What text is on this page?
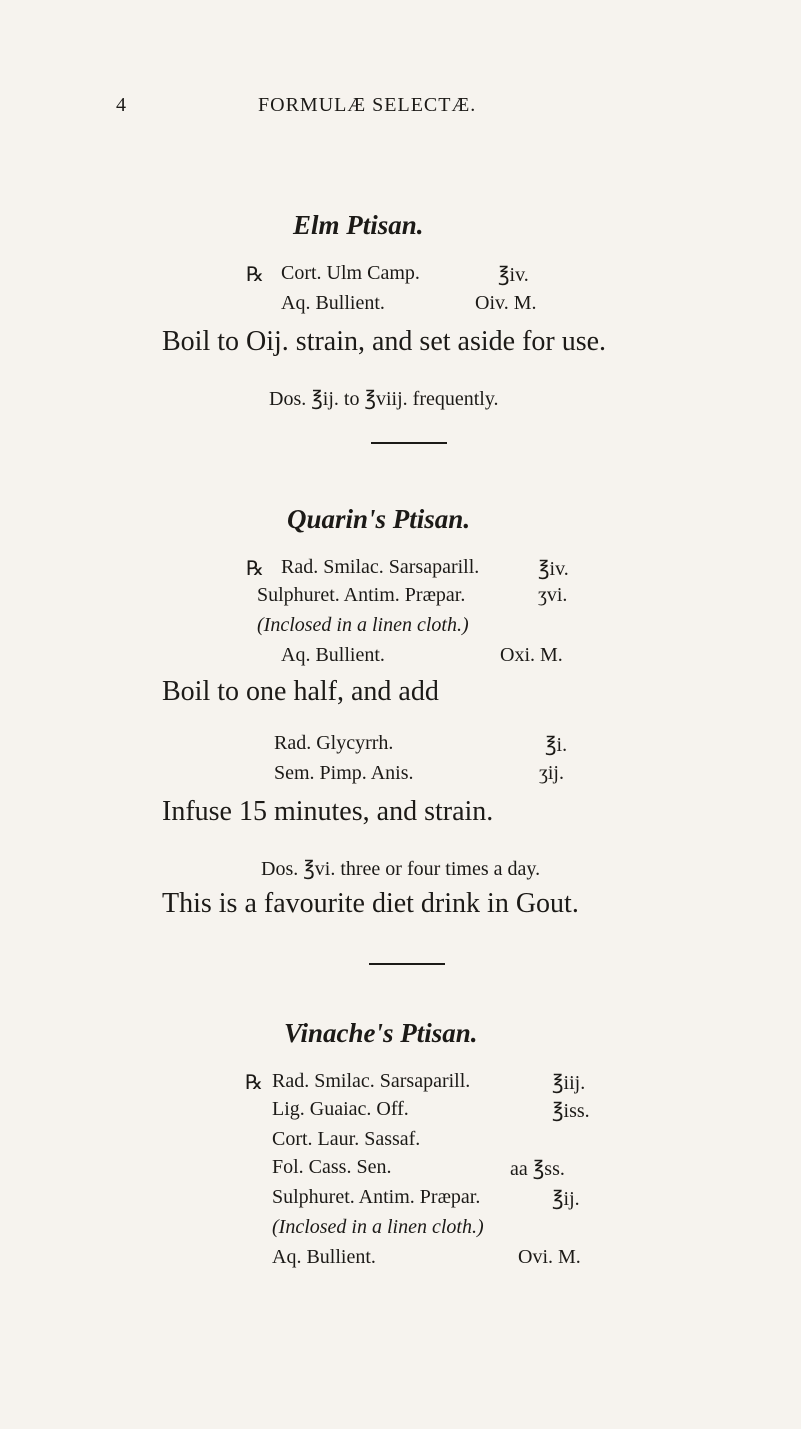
4	FORMULÆ SELECTÆ.
Elm Ptisan.
℞ Cort. Ulm Camp.	℥iv.
Aq. Bullient.	Oiv. M.
Boil to Oij. strain, and set aside for use.
Dos. ℥ij. to ℥viij. frequently.
Quarin's Ptisan.
℞ Rad. Smilac. Sarsaparill.	℥iv.
Sulphuret. Antim. Præpar.	ʒvi.
(Inclosed in a linen cloth.)
Aq. Bullient.	Oxi. M.
Boil to one half, and add
Rad. Glycyrrh.	℥i.
Sem. Pimp. Anis.	ʒij.
Infuse 15 minutes, and strain.
Dos. ℥vi. three or four times a day.
This is a favourite diet drink in Gout.
Vinache's Ptisan.
℞ Rad. Smilac. Sarsaparill.	℥iij.
Lig. Guaiac. Off.	℥iss.
Cort. Laur. Sassaf.
Fol. Cass. Sen.	aa ℥ss.
Sulphuret. Antim. Præpar.	℥ij.
(Inclosed in a linen cloth.)
Aq. Bullient.	Ovi. M.
